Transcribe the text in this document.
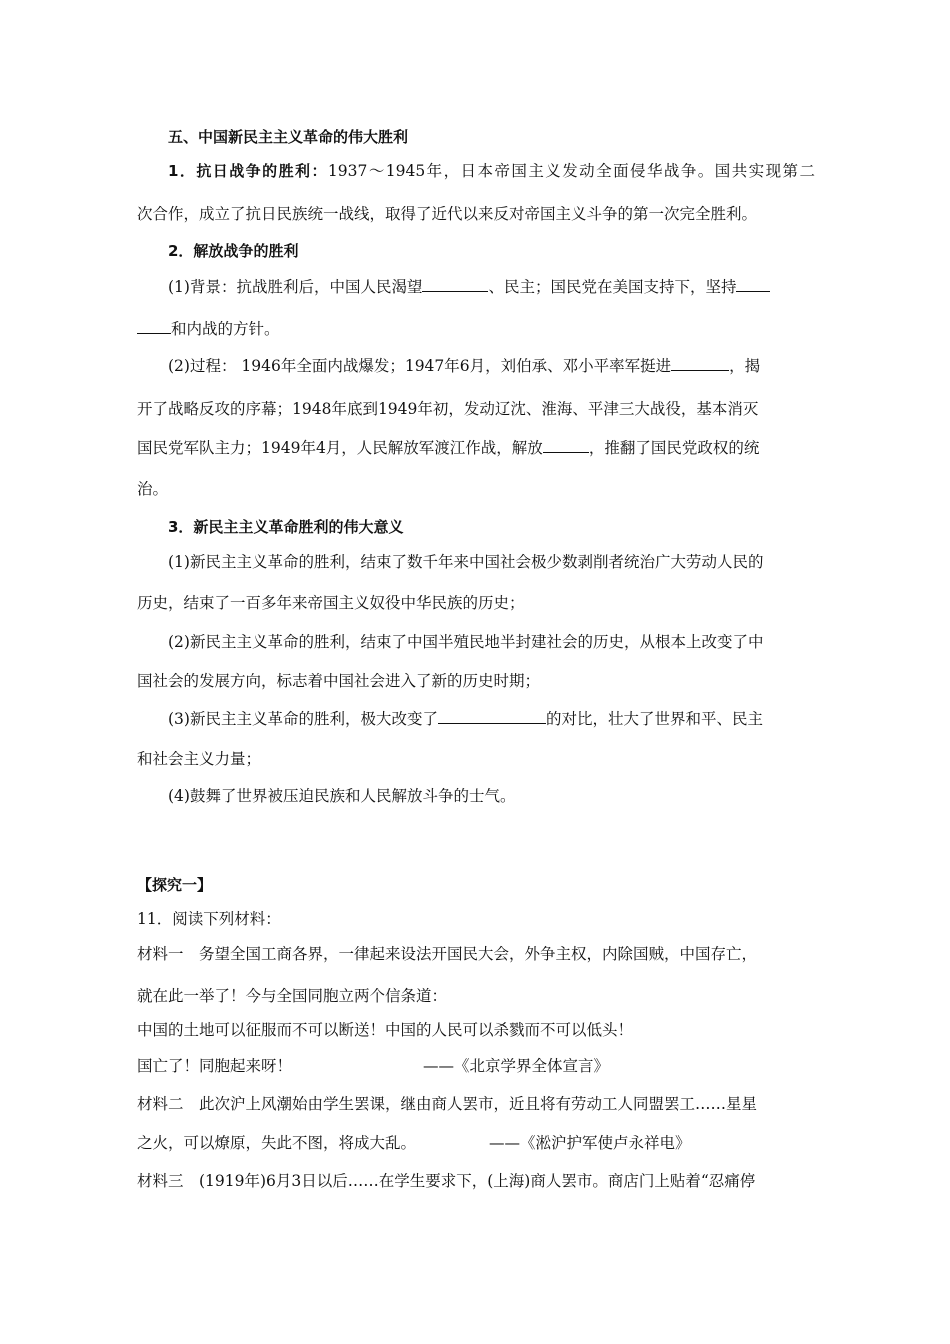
五、中国新民主主义革命的伟大胜利
1．抗日战争的胜利：1937～1945年，日本帝国主义发动全面侵华战争。国共实现第二
次合作，成立了抗日民族统一战线，取得了近代以来反对帝国主义斗争的第一次完全胜利。
2．解放战争的胜利
(1)背景：抗战胜利后，中国人民渴望	、民主；国民党在美国支持下，坚持
和内战的方针。
(2)过程： 1946年全面内战爆发；1947年6月，刘伯承、邓小平率军挺进	，揭
开了战略反攻的序幕；1948年底到1949年初，发动辽沈、淮海、平津三大战役，基本消灭
国民党军队主力；1949年4月，人民解放军渡江作战，解放	，推翻了国民党政权的统
治。
3．新民主主义革命胜利的伟大意义
(1)新民主主义革命的胜利，结束了数千年来中国社会极少数剥削者统治广大劳动人民的
历史，结束了一百多年来帝国主义奴役中华民族的历史；
(2)新民主主义革命的胜利，结束了中国半殖民地半封建社会的历史，从根本上改变了中
国社会的发展方向，标志着中国社会进入了新的历史时期；
(3)新民主主义革命的胜利，极大改变了	的对比，壮大了世界和平、民主
和社会主义力量；
(4)鼓舞了世界被压迫民族和人民解放斗争的士气。
【探究一】
11．阅读下列材料：
材料一　务望全国工商各界，一律起来设法开国民大会，外争主权，内除国贼，中国存亡，
就在此一举了！今与全国同胞立两个信条道：
中国的土地可以征服而不可以断送！中国的人民可以杀戮而不可以低头！
国亡了！同胞起来呀！	——《北京学界全体宣言》
材料二　此次沪上风潮始由学生罢课，继由商人罢市，近且将有劳动工人同盟罢工……星星
之火，可以燎原，失此不图，将成大乱。	——《淞沪护军使卢永祥电》
材料三　(1919年)6月3日以后……在学生要求下，(上海)商人罢市。商店门上贴着“忍痛停
